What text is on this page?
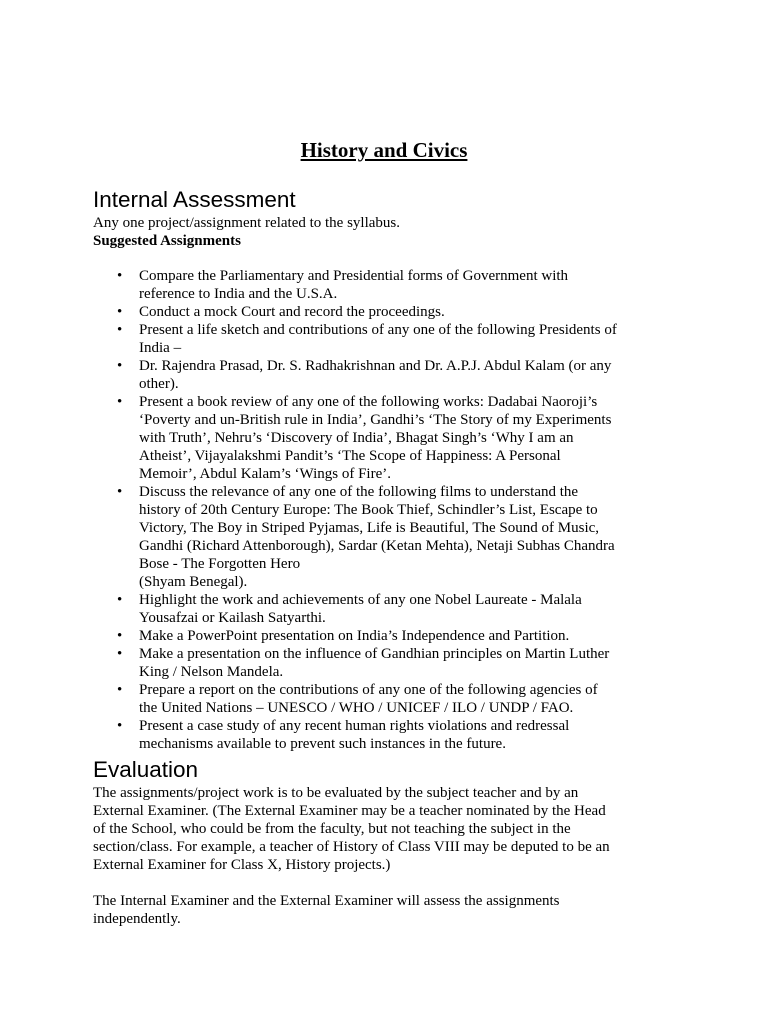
History and Civics
Internal Assessment

Any one project/assignment related to the syllabus.

Suggested Assignments

• Compare the Parliamentary and Presidential forms of Government with
reference to India and the U.S.A.
• Conduct a mock Court and record the proceedings.
• Present a life sketch and contributions of any one of the following Presidents of
India –
• Dr. Rajendra Prasad, Dr. S. Radhakrishnan and Dr. A.P.J. Abdul Kalam (or any
other).
• Present a book review of any one of the following works: Dadabai Naoroji’s
‘Poverty and un-British rule in India’, Gandhi’s ‘The Story of my Experiments
with Truth’, Nehru’s ‘Discovery of India’, Bhagat Singh’s ‘Why I am an
Atheist’, Vijayalakshmi Pandit’s ‘The Scope of Happiness: A Personal
Memoir’, Abdul Kalam’s ‘Wings of Fire’.
• Discuss the relevance of any one of the following films to understand the
history of 20th Century Europe: The Book Thief, Schindler’s List, Escape to
Victory, The Boy in Striped Pyjamas, Life is Beautiful, The Sound of Music,
Gandhi (Richard Attenborough), Sardar (Ketan Mehta), Netaji Subhas Chandra
Bose - The Forgotten Hero
(Shyam Benegal).
• Highlight the work and achievements of any one Nobel Laureate - Malala
Yousafzai or Kailash Satyarthi.
• Make a PowerPoint presentation on India’s Independence and Partition.
• Make a presentation on the influence of Gandhian principles on Martin Luther
King / Nelson Mandela.
• Prepare a report on the contributions of any one of the following agencies of
the United Nations – UNESCO / WHO / UNICEF / ILO / UNDP / FAO.
• Present a case study of any recent human rights violations and redressal
mechanisms available to prevent such instances in the future.
Evaluation

The assignments/project work is to be evaluated by the subject teacher and by an
External Examiner. (The External Examiner may be a teacher nominated by the Head
of the School, who could be from the faculty, but not teaching the subject in the
section/class. For example, a teacher of History of Class VIII may be deputed to be an
External Examiner for Class X, History projects.)

The Internal Examiner and the External Examiner will assess the assignments
independently.
